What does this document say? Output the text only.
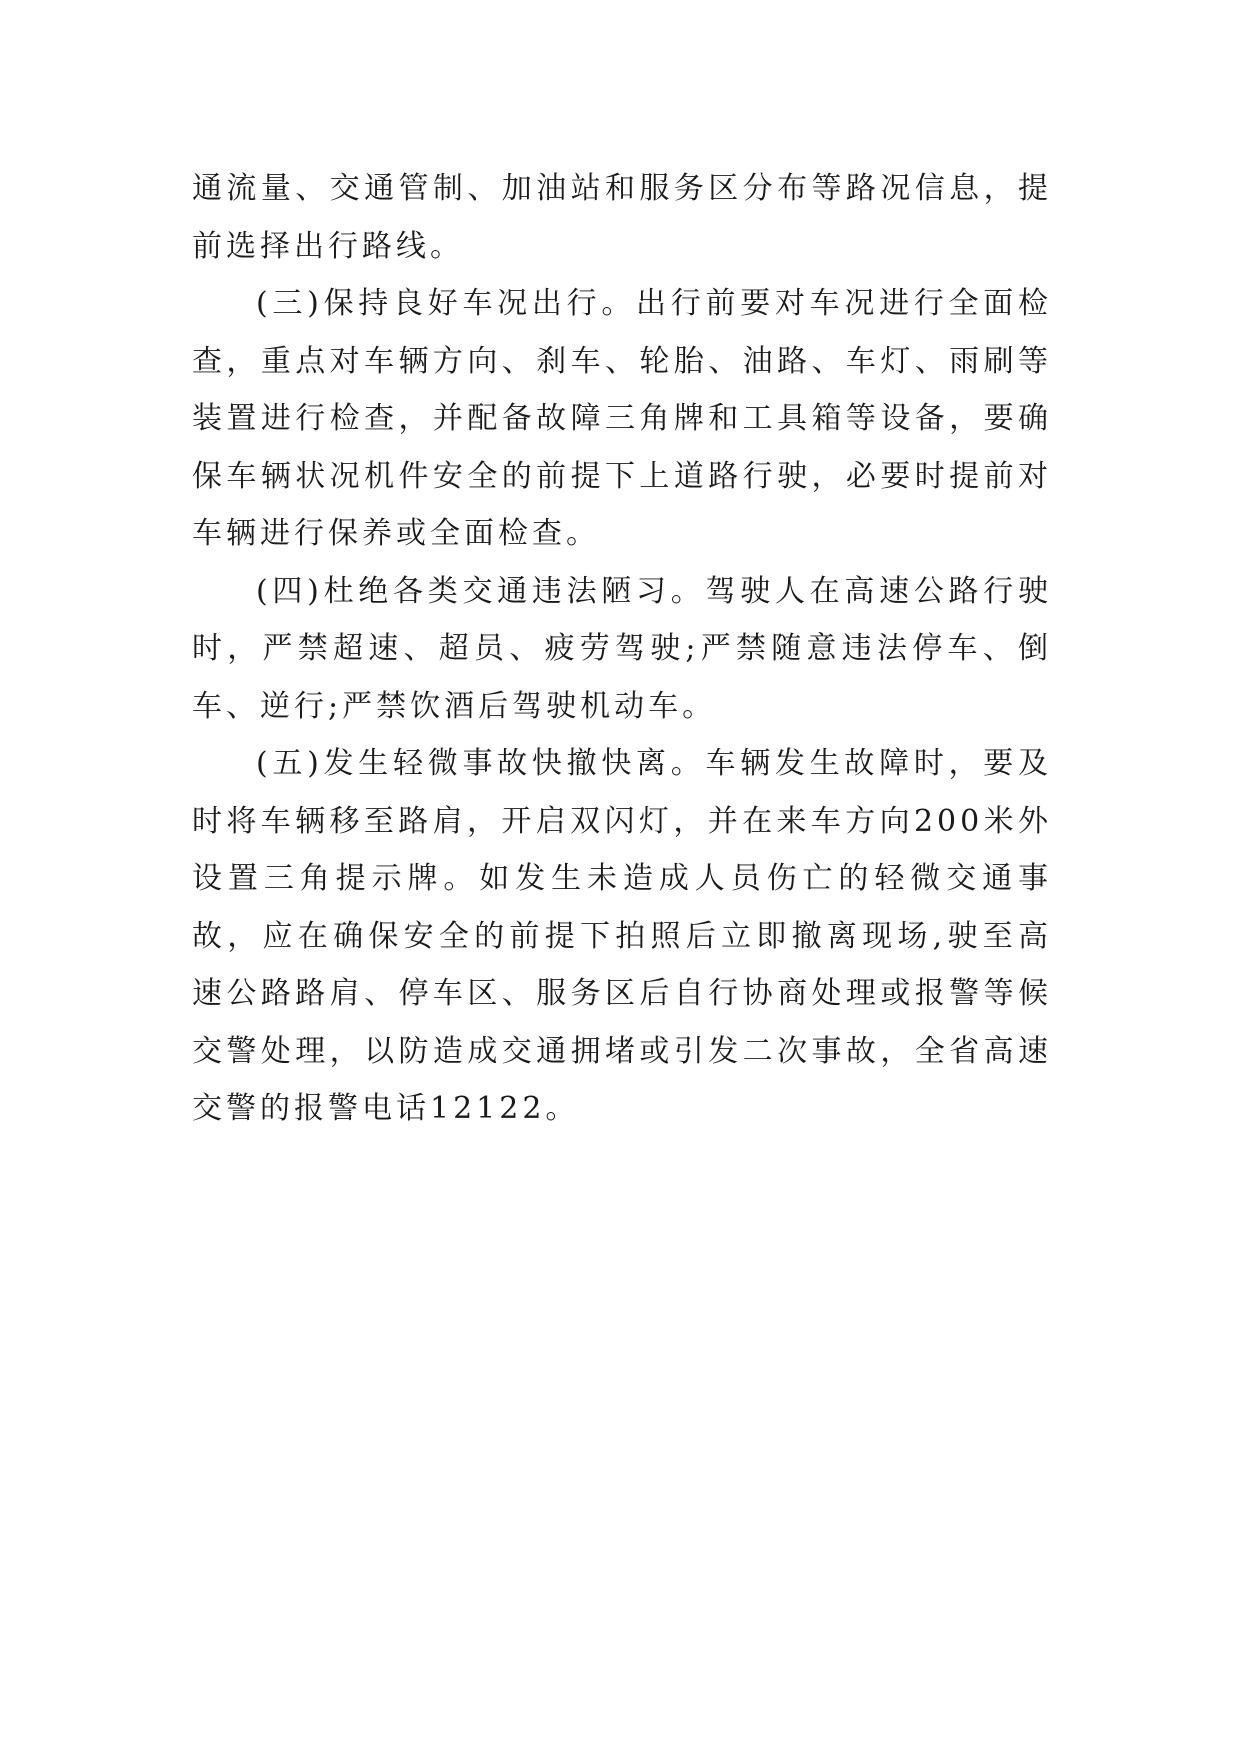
通流量、交通管制、加油站和服务区分布等路况信息，提前选择出行路线。

(三)保持良好车况出行。出行前要对车况进行全面检查，重点对车辆方向、刹车、轮胎、油路、车灯、雨刷等装置进行检查，并配备故障三角牌和工具箱等设备，要确保车辆状况机件安全的前提下上道路行驶，必要时提前对车辆进行保养或全面检查。

(四)杜绝各类交通违法陋习。驾驶人在高速公路行驶时，严禁超速、超员、疲劳驾驶;严禁随意违法停车、倒车、逆行;严禁饮酒后驾驶机动车。

(五)发生轻微事故快撤快离。车辆发生故障时，要及时将车辆移至路肩，开启双闪灯，并在来车方向200米外设置三角提示牌。如发生未造成人员伤亡的轻微交通事故，应在确保安全的前提下拍照后立即撤离现场,驶至高速公路路肩、停车区、服务区后自行协商处理或报警等候交警处理，以防造成交通拥堵或引发二次事故，全省高速交警的报警电话12122。
